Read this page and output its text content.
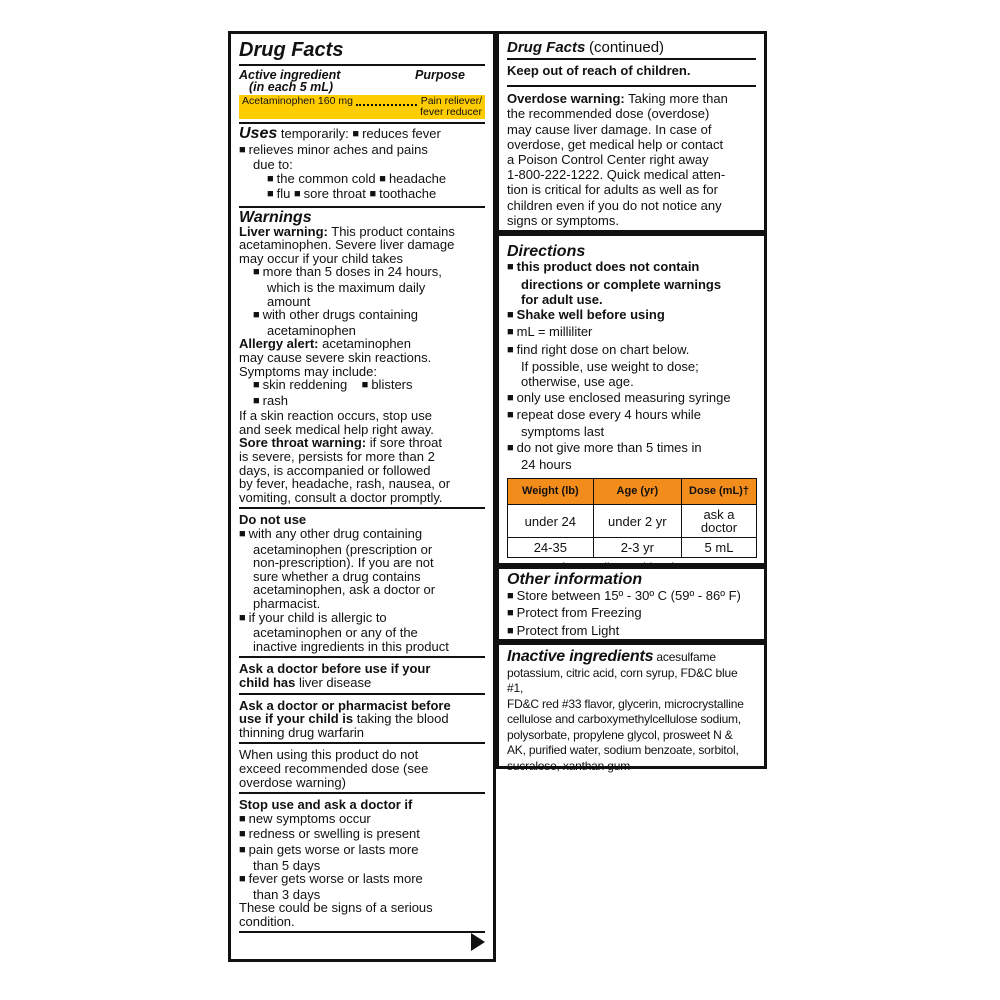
Drug Facts
Active ingredient	Purpose
(in each 5 mL)
Acetaminophen 160 mg	Pain reliever/
fever reducer
Uses temporarily: ■ reduces fever
■ relieves minor aches and pains
due to:
■ the common cold ■ headache
■ flu ■ sore throat ■ toothache
Warnings
Liver warning: This product contains
acetaminophen. Severe liver damage
may occur if your child takes
■ more than 5 doses in 24 hours,
which is the maximum daily
amount
■ with other drugs containing
acetaminophen
Allergy alert: acetaminophen
may cause severe skin reactions.
Symptoms may include:
■ skin reddening ■ blisters
■ rash
If a skin reaction occurs, stop use
and seek medical help right away.
Sore throat warning: if sore throat
is severe, persists for more than 2
days, is accompanied or followed
by fever, headache, rash, nausea, or
vomiting, consult a doctor promptly.
Do not use
■ with any other drug containing
acetaminophen (prescription or
non-prescription). If you are not
sure whether a drug contains
acetaminophen, ask a doctor or
pharmacist.
■ if your child is allergic to
acetaminophen or any of the
inactive ingredients in this product
Ask a doctor before use if your
child has liver disease
Ask a doctor or pharmacist before
use if your child is taking the blood
thinning drug warfarin
When using this product do not
exceed recommended dose (see
overdose warning)
Stop use and ask a doctor if
■ new symptoms occur
■ redness or swelling is present
■ pain gets worse or lasts more
than 5 days
■ fever gets worse or lasts more
than 3 days
These could be signs of a serious
condition.
Drug Facts (continued)
Keep out of reach of children.
Overdose warning: Taking more than
the recommended dose (overdose)
may cause liver damage. In case of
overdose, get medical help or contact
a Poison Control Center right away
1-800-222-1222. Quick medical atten-
tion is critical for adults as well as for
children even if you do not notice any
signs or symptoms.
Directions
■ this product does not contain
directions or complete warnings
for adult use.
■ Shake well before using
■ mL = milliliter
■ find right dose on chart below.
If possible, use weight to dose;
otherwise, use age.
■ only use enclosed measuring syringe
■ repeat dose every 4 hours while
symptoms last
■ do not give more than 5 times in
24 hours
Weight (lb)	Age (yr)	Dose (mL)†
under 24	under 2 yr	ask a doctor
24-35	2-3 yr	5 mL
Other information
■ Store between 15º - 30º C (59º - 86º F)
■ Protect from Freezing
■ Protect from Light
Inactive ingredients acesulfame
potassium, citric acid, corn syrup, FD&C blue #1,
FD&C red #33 flavor, glycerin, microcrystalline
cellulose and carboxymethylcellulose sodium,
polysorbate, propylene glycol, prosweet N &
AK, purified water, sodium benzoate, sorbitol,
sucralose, xanthan gum
